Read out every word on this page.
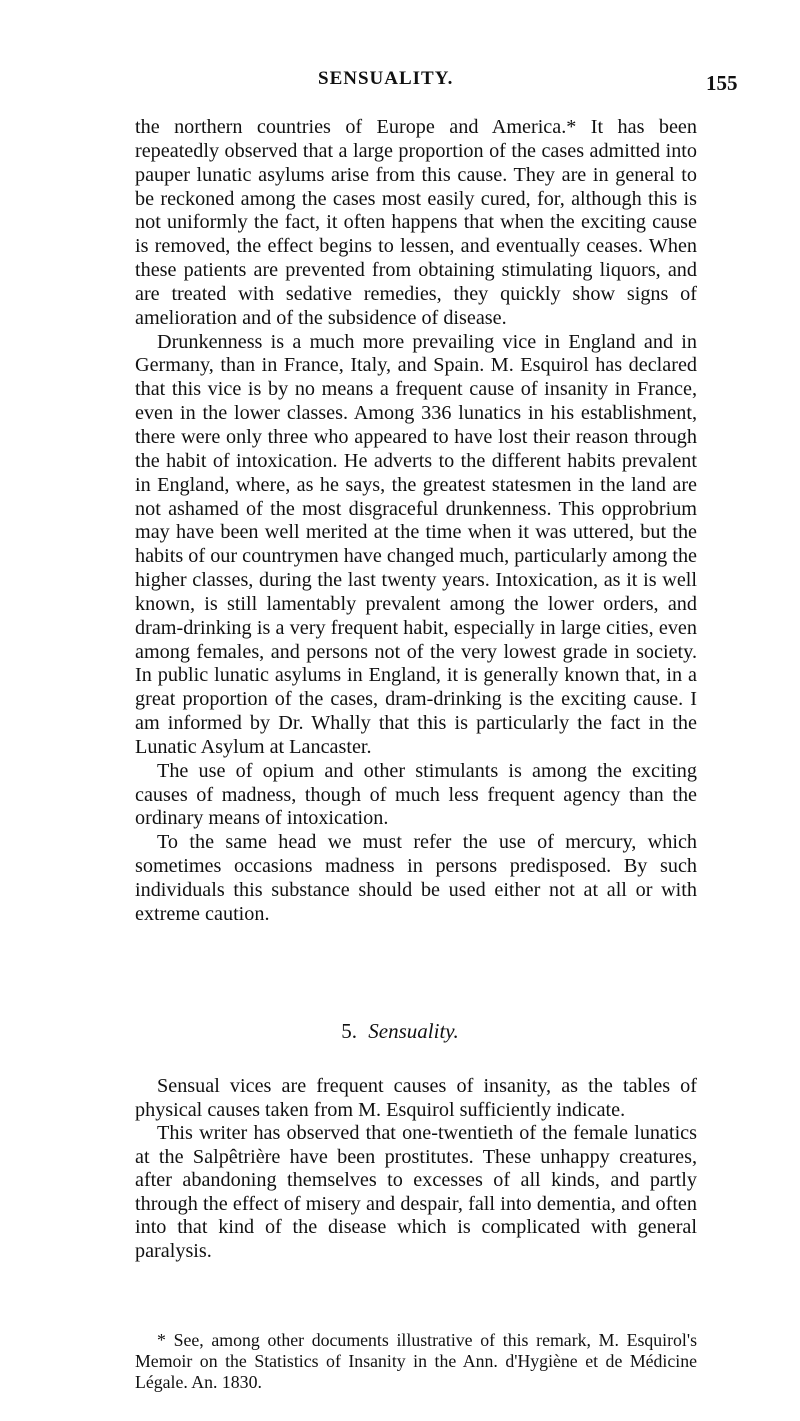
SENSUALITY.	155

the northern countries of Europe and America.* It has been repeatedly observed that a large proportion of the cases admitted into pauper lunatic asylums arise from this cause. They are in general to be reckoned among the cases most easily cured, for, although this is not uniformly the fact, it often happens that when the exciting cause is removed, the effect begins to lessen, and eventually ceases. When these patients are prevented from obtaining stimulating liquors, and are treated with sedative remedies, they quickly show signs of amelioration and of the subsidence of disease.

Drunkenness is a much more prevailing vice in England and in Germany, than in France, Italy, and Spain. M. Esquirol has declared that this vice is by no means a frequent cause of insanity in France, even in the lower classes. Among 336 lunatics in his establishment, there were only three who appeared to have lost their reason through the habit of intoxication. He adverts to the different habits prevalent in England, where, as he says, the greatest statesmen in the land are not ashamed of the most disgraceful drunkenness. This opprobrium may have been well merited at the time when it was uttered, but the habits of our countrymen have changed much, particularly among the higher classes, during the last twenty years. Intoxication, as it is well known, is still lamentably prevalent among the lower orders, and dram-drinking is a very frequent habit, especially in large cities, even among females, and persons not of the very lowest grade in society. In public lunatic asylums in England, it is generally known that, in a great proportion of the cases, dram-drinking is the exciting cause. I am informed by Dr. Whally that this is particularly the fact in the Lunatic Asylum at Lancaster.

The use of opium and other stimulants is among the exciting causes of madness, though of much less frequent agency than the ordinary means of intoxication.

To the same head we must refer the use of mercury, which sometimes occasions madness in persons predisposed. By such individuals this substance should be used either not at all or with extreme caution.

5. Sensuality.

Sensual vices are frequent causes of insanity, as the tables of physical causes taken from M. Esquirol sufficiently indicate.

This writer has observed that one-twentieth of the female lunatics at the Salpêtrière have been prostitutes. These unhappy creatures, after abandoning themselves to excesses of all kinds, and partly through the effect of misery and despair, fall into dementia, and often into that kind of the disease which is complicated with general paralysis.

* See, among other documents illustrative of this remark, M. Esquirol's Memoir on the Statistics of Insanity in the Ann. d'Hygiène et de Médicine Légale. An. 1830.
